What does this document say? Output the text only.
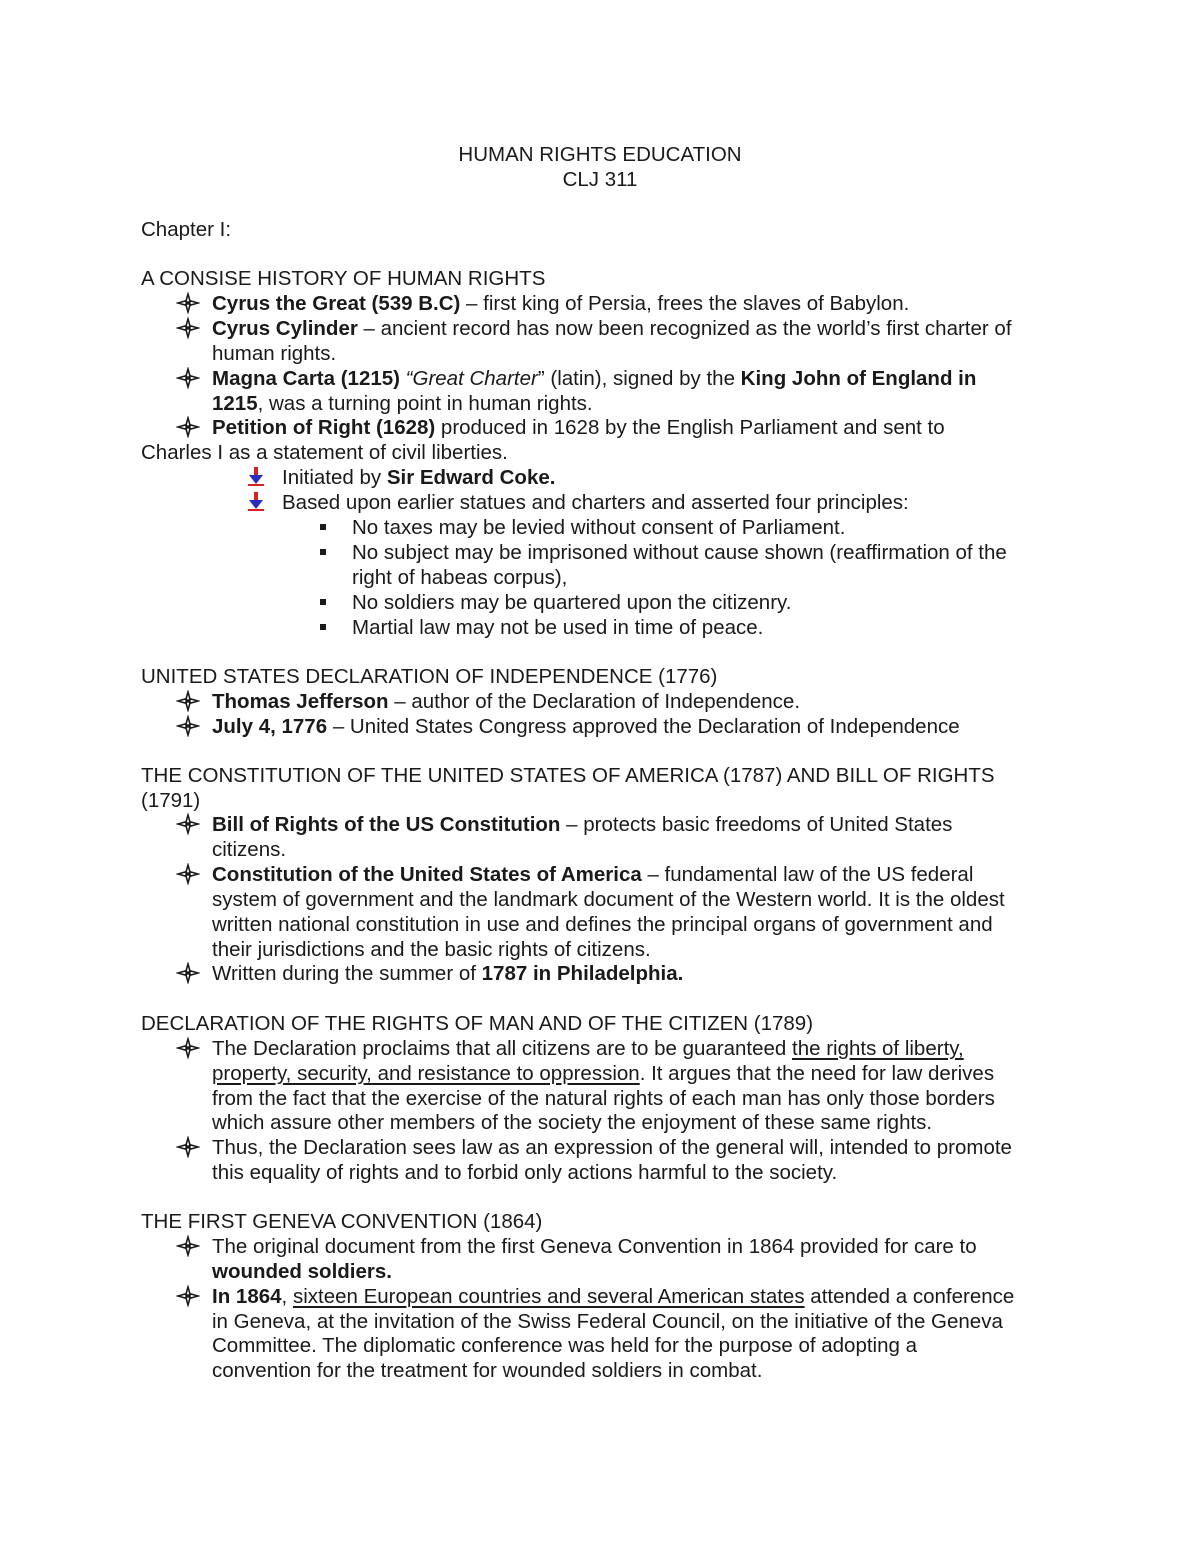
HUMAN RIGHTS EDUCATION
CLJ 311
Chapter I:
A CONSISE HISTORY OF HUMAN RIGHTS
Cyrus the Great (539 B.C) – first king of Persia, frees the slaves of Babylon.
Cyrus Cylinder – ancient record has now been recognized as the world’s first charter of
human rights.
Magna Carta (1215) “Great Charter” (latin), signed by the King John of England in
1215, was a turning point in human rights.
Petition of Right (1628) produced in 1628 by the English Parliament and sent to
Charles I as a statement of civil liberties.
Initiated by Sir Edward Coke.
Based upon earlier statues and charters and asserted four principles:
No taxes may be levied without consent of Parliament.
No subject may be imprisoned without cause shown (reaffirmation of the
right of habeas corpus),
No soldiers may be quartered upon the citizenry.
Martial law may not be used in time of peace.
UNITED STATES DECLARATION OF INDEPENDENCE (1776)
Thomas Jefferson – author of the Declaration of Independence.
July 4, 1776 – United States Congress approved the Declaration of Independence
THE CONSTITUTION OF THE UNITED STATES OF AMERICA (1787) AND BILL OF RIGHTS
(1791)
Bill of Rights of the US Constitution – protects basic freedoms of United States
citizens.
Constitution of the United States of America – fundamental law of the US federal
system of government and the landmark document of the Western world. It is the oldest
written national constitution in use and defines the principal organs of government and
their jurisdictions and the basic rights of citizens.
Written during the summer of 1787 in Philadelphia.
DECLARATION OF THE RIGHTS OF MAN AND OF THE CITIZEN (1789)
The Declaration proclaims that all citizens are to be guaranteed the rights of liberty,
property, security, and resistance to oppression. It argues that the need for law derives
from the fact that the exercise of the natural rights of each man has only those borders
which assure other members of the society the enjoyment of these same rights.
Thus, the Declaration sees law as an expression of the general will, intended to promote
this equality of rights and to forbid only actions harmful to the society.
THE FIRST GENEVA CONVENTION (1864)
The original document from the first Geneva Convention in 1864 provided for care to
wounded soldiers.
In 1864, sixteen European countries and several American states attended a conference
in Geneva, at the invitation of the Swiss Federal Council, on the initiative of the Geneva
Committee. The diplomatic conference was held for the purpose of adopting a
convention for the treatment for wounded soldiers in combat.
